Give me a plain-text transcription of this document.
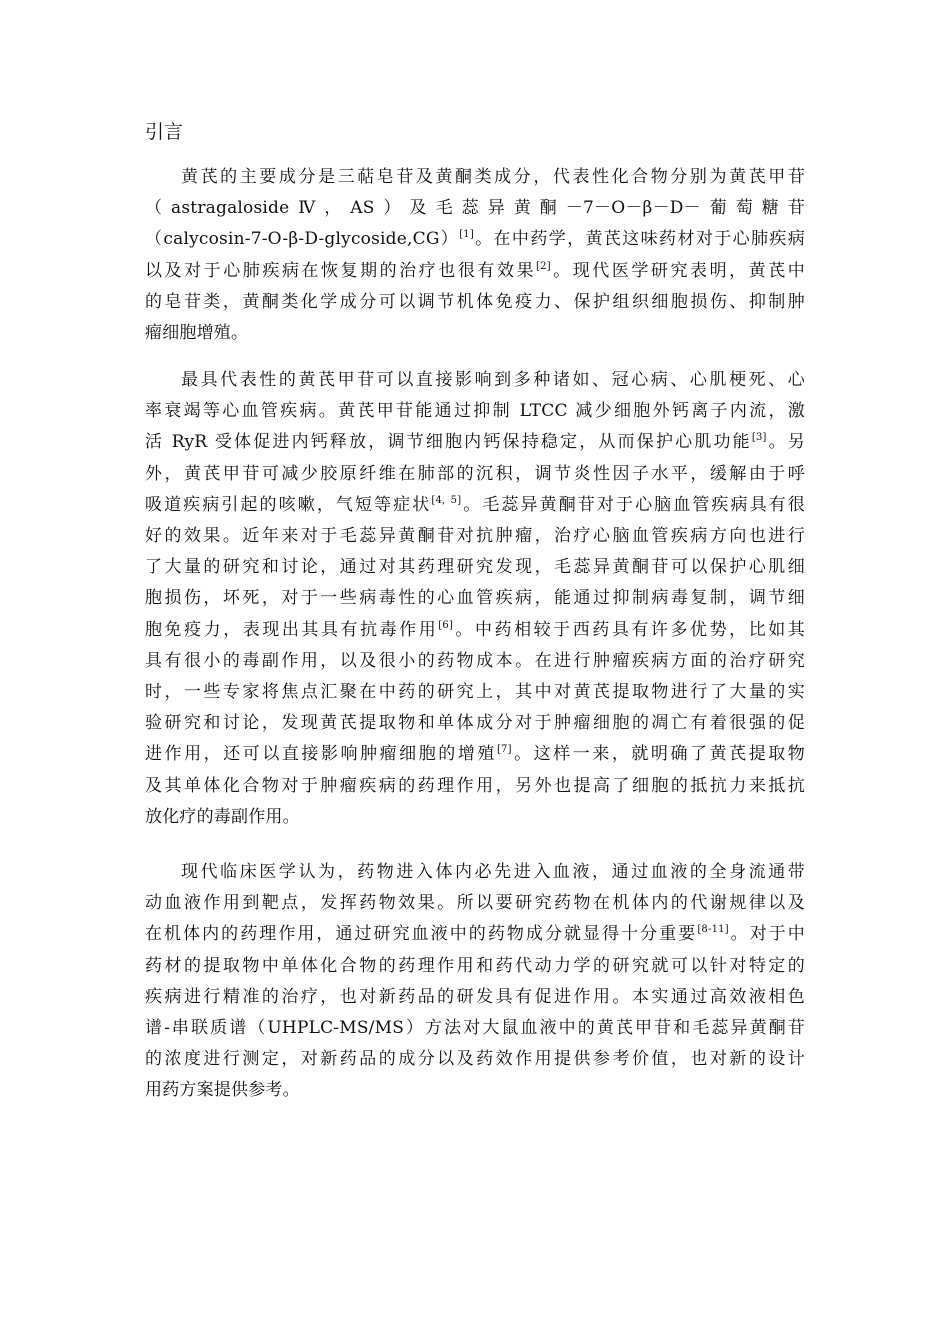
引言
黄芪的主要成分是三萜皂苷及黄酮类成分，代表性化合物分别为黄芪甲苷
（astragalosideⅣ，AS）及毛蕊异黄酮－7－O－β－D－葡萄糖苷
（calycosin-7-O-β-D-glycoside,CG）[1]。在中药学，黄芪这味药材对于心肺疾病
以及对于心肺疾病在恢复期的治疗也很有效果[2]。现代医学研究表明，黄芪中
的皂苷类，黄酮类化学成分可以调节机体免疫力、保护组织细胞损伤、抑制肿
瘤细胞增殖。
最具代表性的黄芪甲苷可以直接影响到多种诸如、冠心病、心肌梗死、心
率衰竭等心血管疾病。黄芪甲苷能通过抑制 LTCC 减少细胞外钙离子内流，激
活 RyR 受体促进内钙释放，调节细胞内钙保持稳定，从而保护心肌功能[3]。另
外，黄芪甲苷可减少胶原纤维在肺部的沉积，调节炎性因子水平，缓解由于呼
吸道疾病引起的咳嗽，气短等症状[4, 5]。毛蕊异黄酮苷对于心脑血管疾病具有很
好的效果。近年来对于毛蕊异黄酮苷对抗肿瘤，治疗心脑血管疾病方向也进行
了大量的研究和讨论，通过对其药理研究发现，毛蕊异黄酮苷可以保护心肌细
胞损伤，坏死，对于一些病毒性的心血管疾病，能通过抑制病毒复制，调节细
胞免疫力，表现出其具有抗毒作用[6]。中药相较于西药具有许多优势，比如其
具有很小的毒副作用，以及很小的药物成本。在进行肿瘤疾病方面的治疗研究
时，一些专家将焦点汇聚在中药的研究上，其中对黄芪提取物进行了大量的实
验研究和讨论，发现黄芪提取物和单体成分对于肿瘤细胞的凋亡有着很强的促
进作用，还可以直接影响肿瘤细胞的增殖[7]。这样一来，就明确了黄芪提取物
及其单体化合物对于肿瘤疾病的药理作用，另外也提高了细胞的抵抗力来抵抗
放化疗的毒副作用。
现代临床医学认为，药物进入体内必先进入血液，通过血液的全身流通带
动血液作用到靶点，发挥药物效果。所以要研究药物在机体内的代谢规律以及
在机体内的药理作用，通过研究血液中的药物成分就显得十分重要[8-11]。对于中
药材的提取物中单体化合物的药理作用和药代动力学的研究就可以针对特定的
疾病进行精准的治疗，也对新药品的研发具有促进作用。本实通过高效液相色
谱-串联质谱（UHPLC-MS/MS）方法对大鼠血液中的黄芪甲苷和毛蕊异黄酮苷
的浓度进行测定，对新药品的成分以及药效作用提供参考价值，也对新的设计
用药方案提供参考。
